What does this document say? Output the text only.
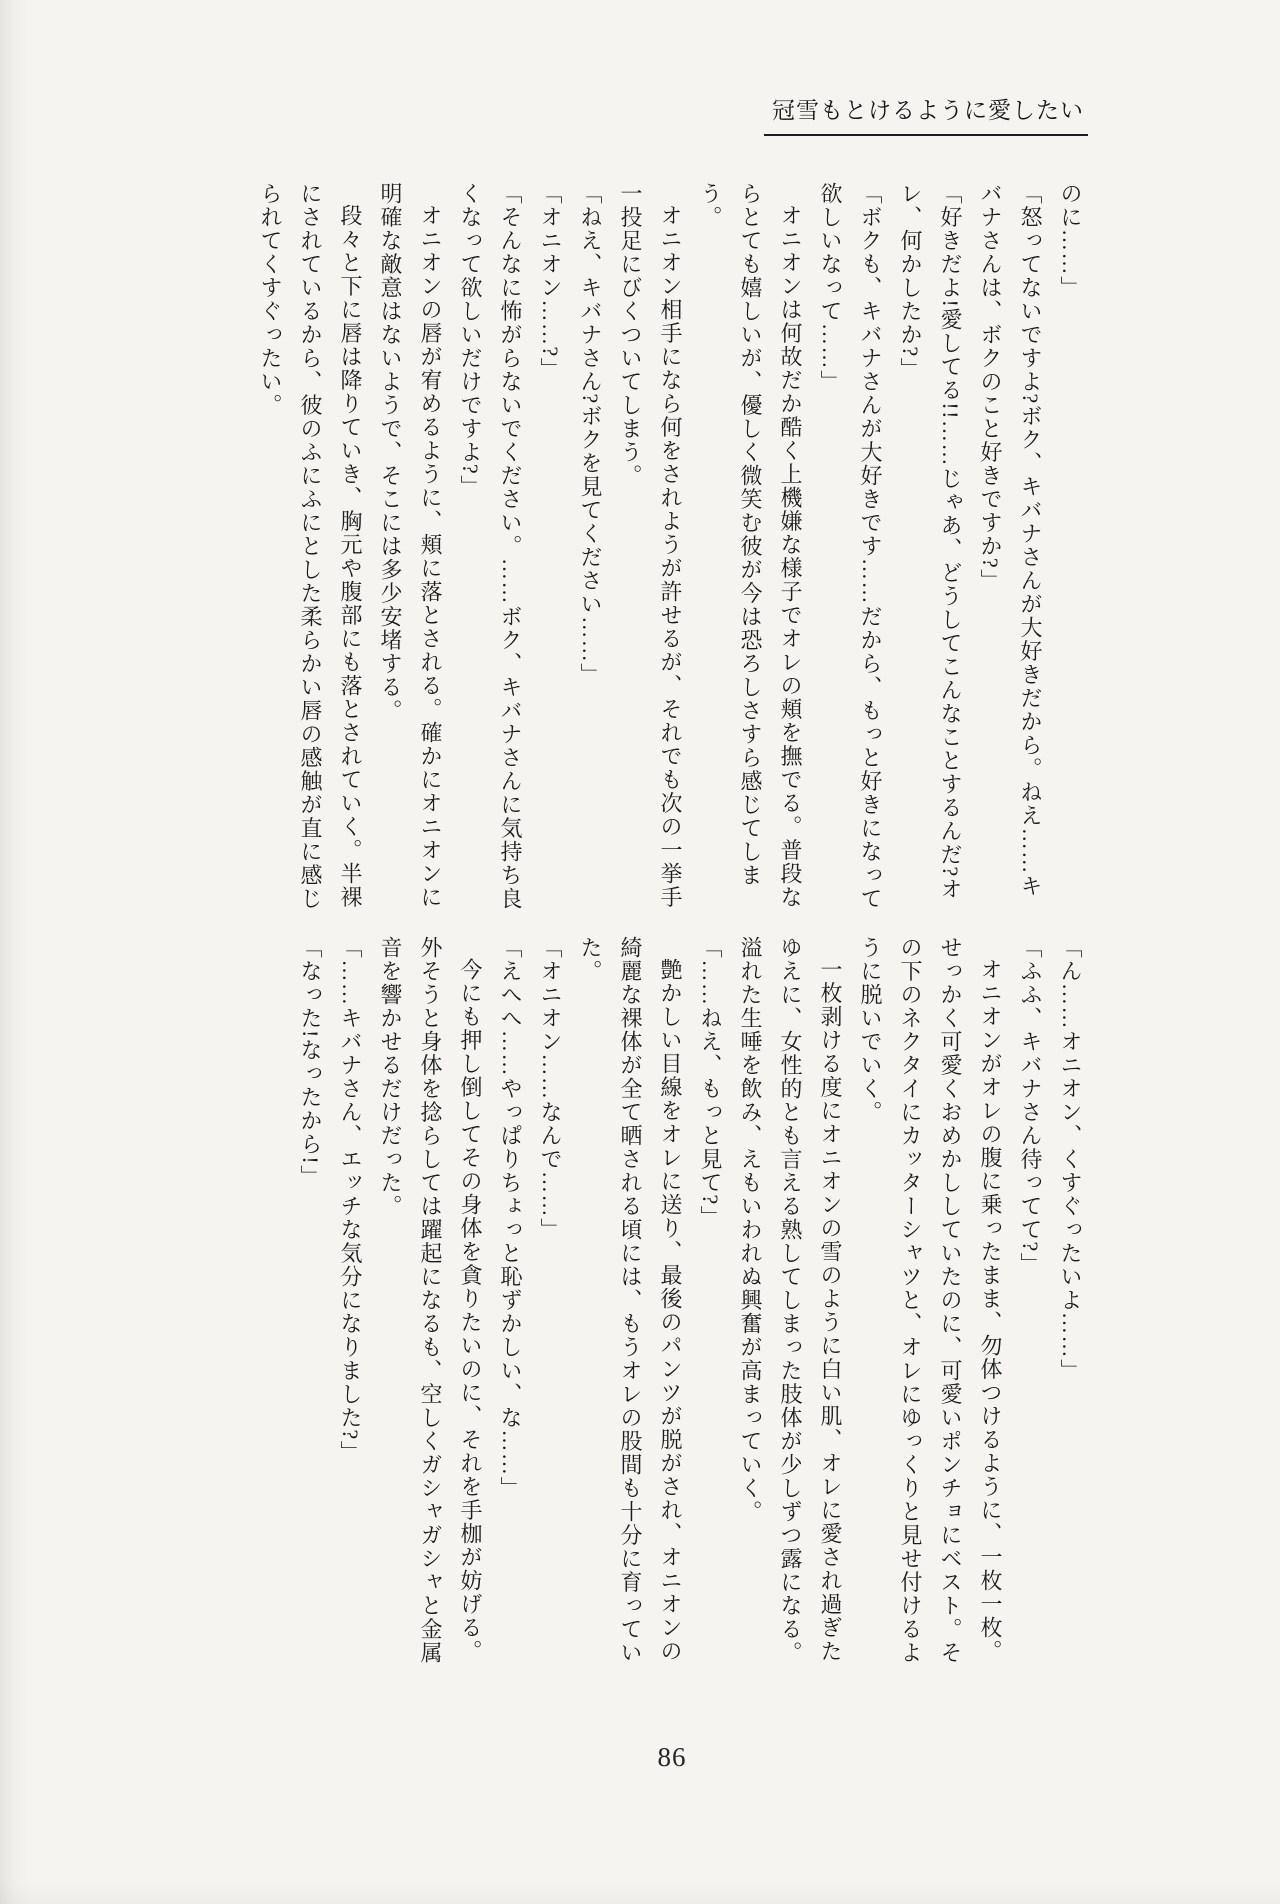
冠雪もとけるように愛したい

のに……」

「怒ってないですよ?ボク、キバナさんが大好きだから。ねえ……キバナさんは、ボクのこと好きですか?」

「好きだよ!愛してる!!……じゃあ、どうしてこんなことするんだ?オレ、何かしたか?」

「ボクも、キバナさんが大好きです……だから、もっと好きになって欲しいなって……」

オニオンは何故だか酷く上機嫌な様子でオレの頬を撫でる。普段ならとても嬉しいが、優しく微笑む彼が今は恐ろしさすら感じてしまう。

オニオン相手になら何をされようが許せるが、それでも次の一挙手一投足にびくついてしまう。

「ねえ、キバナさん?ボクを見てください……」

「オニオン……?」

「そんなに怖がらないでください。……ボク、キバナさんに気持ち良くなって欲しいだけですよ?」

オニオンの唇が宥めるように、頬に落とされる。確かにオニオンに明確な敵意はないようで、そこには多少安堵する。

段々と下に唇は降りていき、胸元や腹部にも落とされていく。半裸にされているから、彼のふにふにとした柔らかい唇の感触が直に感じられてくすぐったい。

「ん……オニオン、くすぐったいよ……」

「ふふ、キバナさん待ってて?」

オニオンがオレの腹に乗ったまま、勿体つけるように、一枚一枚。せっかく可愛くおめかししていたのに、可愛いポンチョにベスト。その下のネクタイにカッターシャツと、オレにゆっくりと見せ付けるように脱いでいく。

一枚剥ける度にオニオンの雪のように白い肌、オレに愛され過ぎたゆえに、女性的とも言える熟してしまった肢体が少しずつ露になる。溢れた生唾を飲み、えもいわれぬ興奮が高まっていく。

「……ねえ、もっと見て?」

艶かしい目線をオレに送り、最後のパンツが脱がされ、オニオンの綺麗な裸体が全て晒される頃には、もうオレの股間も十分に育っていた。

「オニオン……なんで……」

「えへへ……やっぱりちょっと恥ずかしい、な……」

今にも押し倒してその身体を貪りたいのに、それを手枷が妨げる。外そうと身体を捻らしては躍起になるも、空しくガシャガシャと金属音を響かせるだけだった。

「……キバナさん、エッチな気分になりました?」

「なった!なったから!」

86
